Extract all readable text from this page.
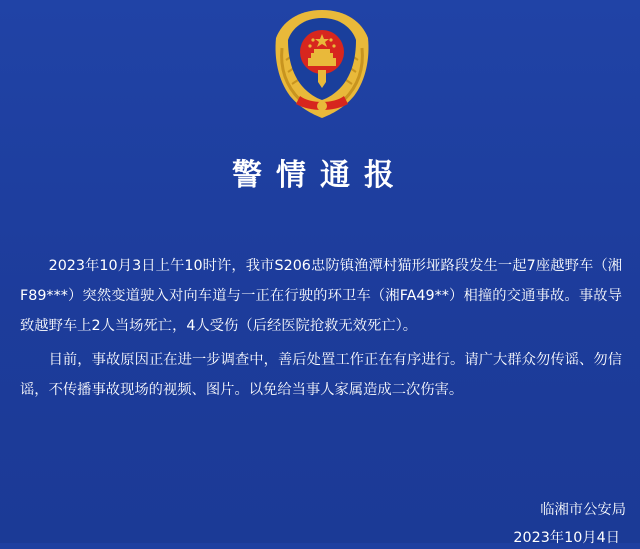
警情通报

2023年10月3日上午10时许，我市S206忠防镇渔潭村猫形垭路段发生一起7座越野车（湘F89***）突然变道驶入对向车道与一正在行驶的环卫车（湘FA49**）相撞的交通事故。事故导致越野车上2人当场死亡，4人受伤（后经医院抢救无效死亡）。

目前，事故原因正在进一步调查中，善后处置工作正在有序进行。请广大群众勿传谣、勿信谣，不传播事故现场的视频、图片。以免给当事人家属造成二次伤害。

临湘市公安局
2023年10月4日
